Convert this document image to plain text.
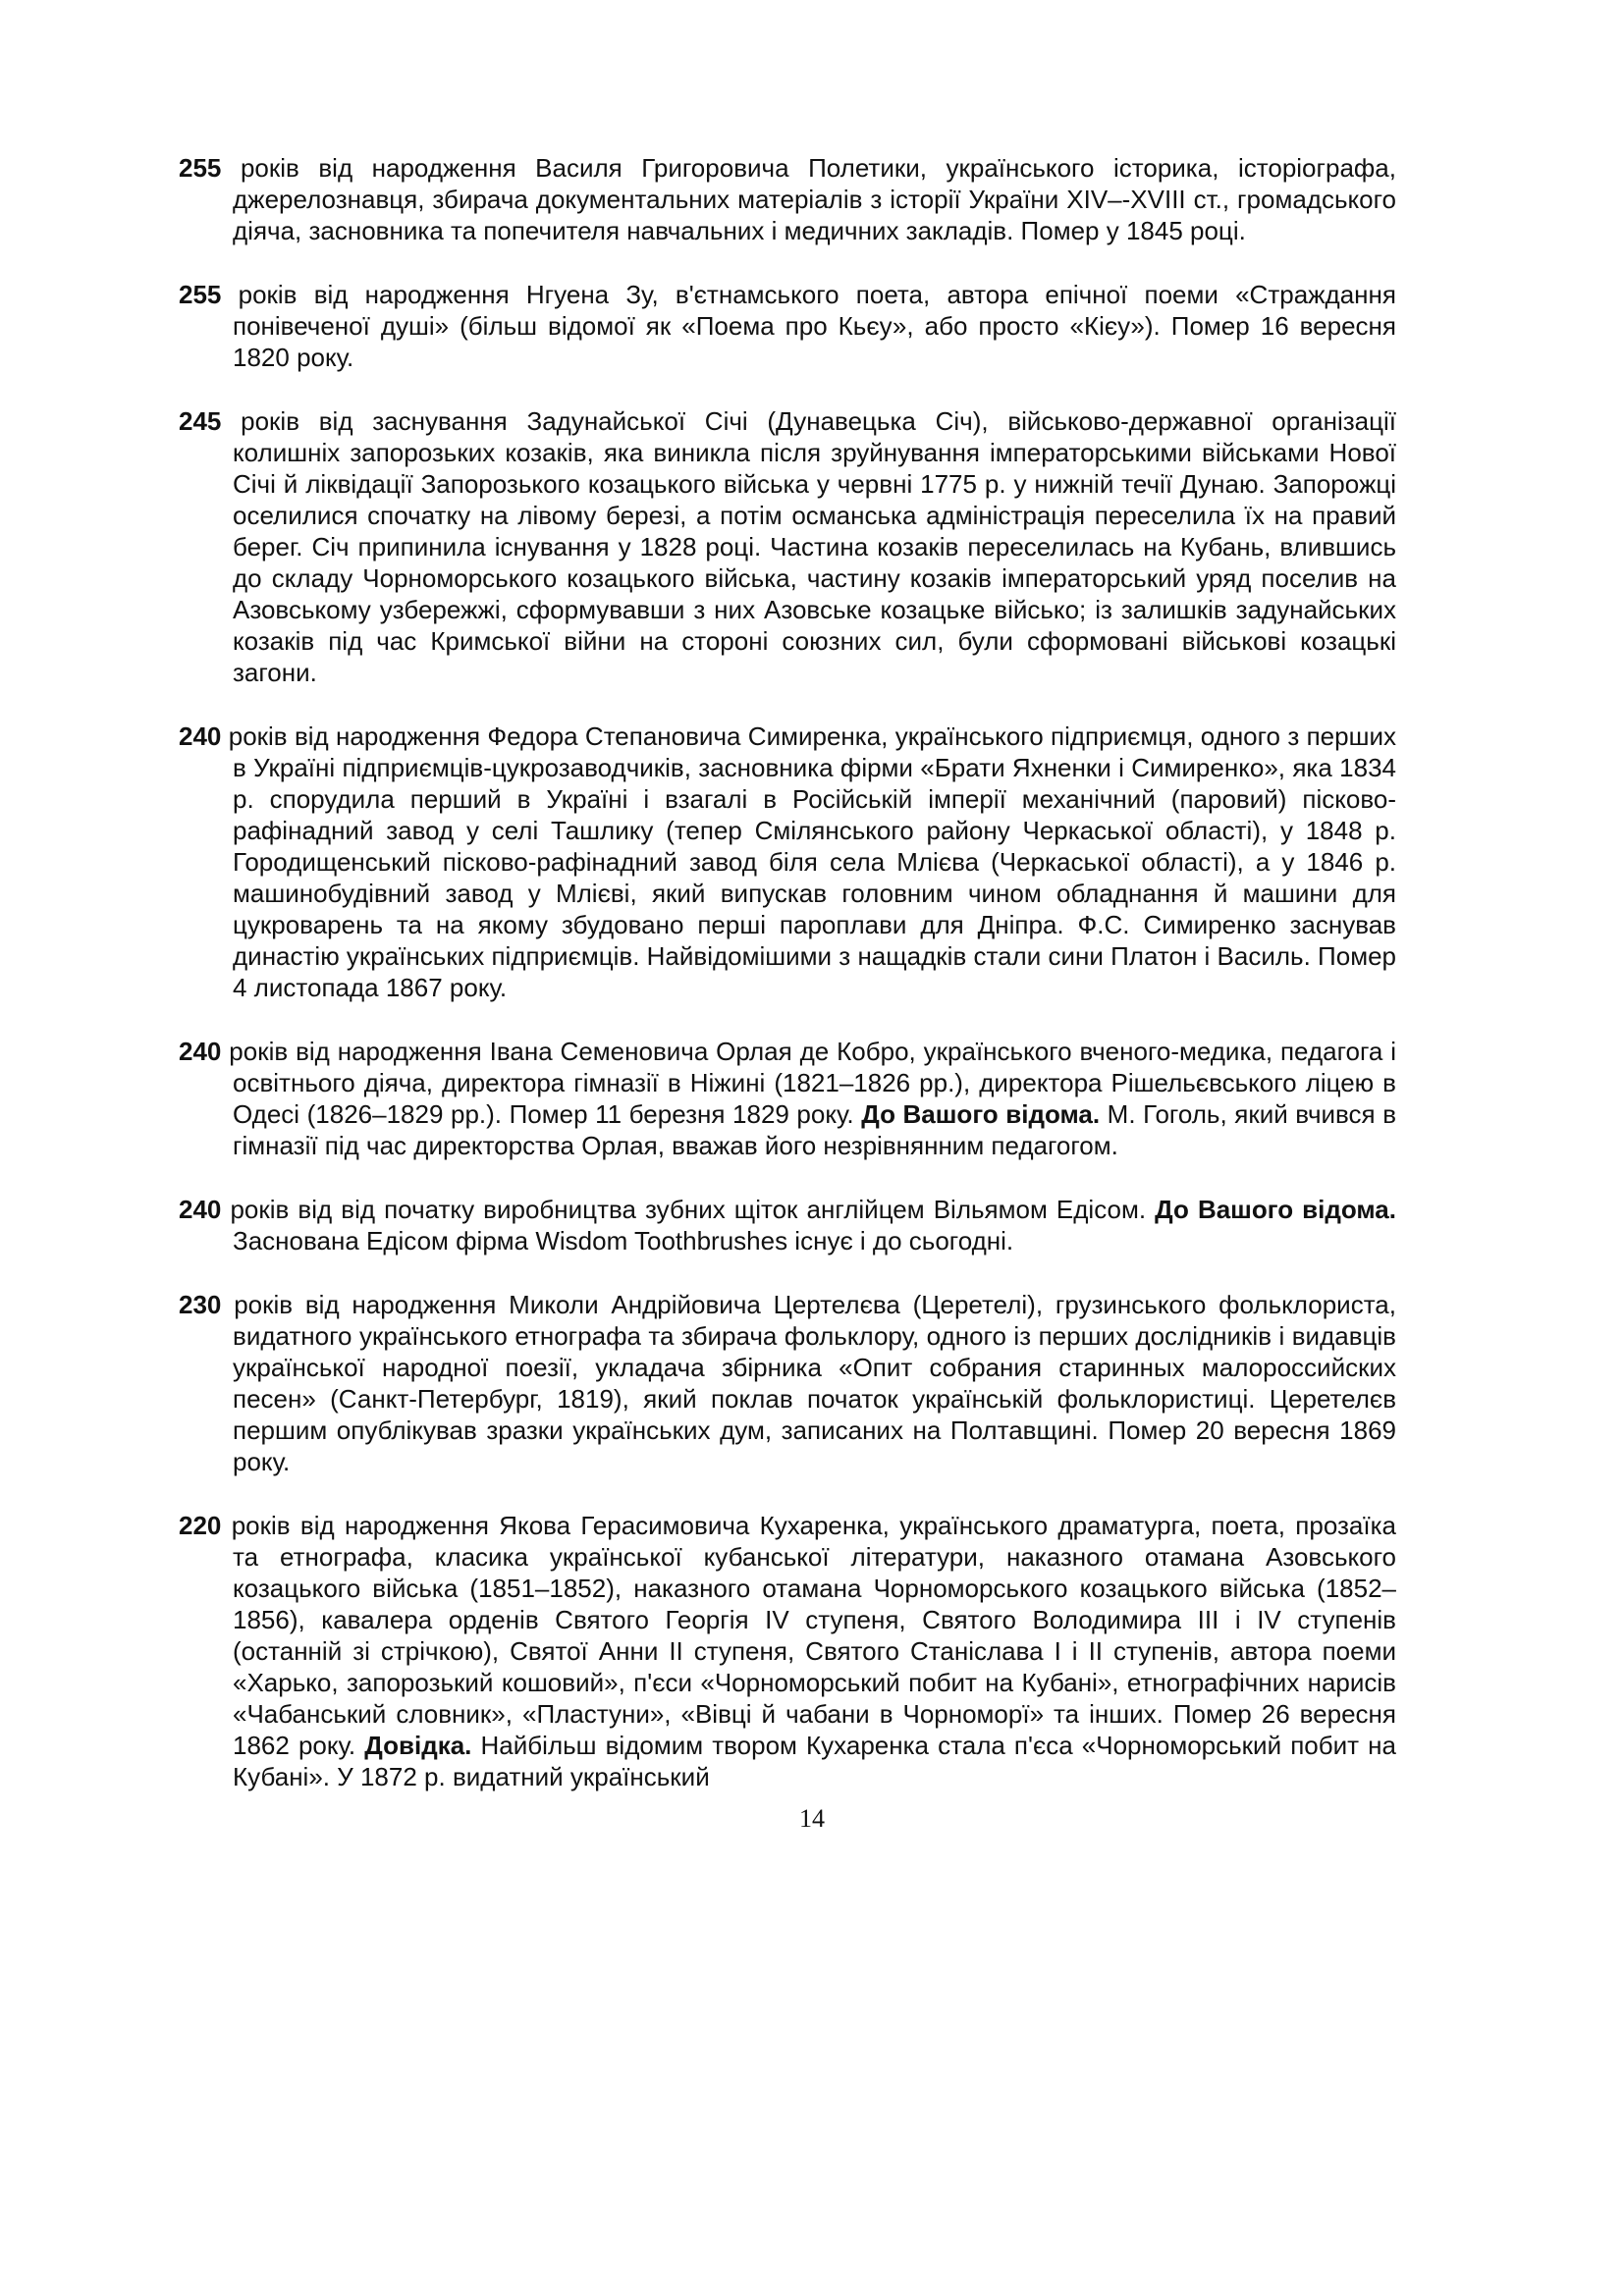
255 років від народження Василя Григоровича Полетики, українського історика, історіографа, джерелознавця, збирача документальних матеріалів з історії України XIV–-XVIII ст., громадського діяча, засновника та попечителя навчальних і медичних закладів. Помер у 1845 році.

255 років від народження Нгуена Зу, в'єтнамського поета, автора епічної поеми «Страждання понівеченої душі» (більш відомої як «Поема про Кьєу», або просто «Кієу»). Помер 16 вересня 1820 року.

245 років від заснування Задунайської Січі (Дунавецька Січ), військово-державної організації колишніх запорозьких козаків, яка виникла після зруйнування імператорськими військами Нової Січі й ліквідації Запорозького козацького війська у червні 1775 р. у нижній течії Дунаю. Запорожці оселилися спочатку на лівому березі, а потім османська адміністрація переселила їх на правий берег. Січ припинила існування у 1828 році. Частина козаків переселилась на Кубань, влившись до складу Чорноморського козацького війська, частину козаків імператорський уряд поселив на Азовському узбережжі, сформувавши з них Азовське козацьке військо; із залишків задунайських козаків під час Кримської війни на стороні союзних сил, були сформовані військові козацькі загони.

240 років від народження Федора Степановича Симиренка, українського підприємця, одного з перших в Україні підприємців-цукрозаводчиків, засновника фірми «Брати Яхненки і Симиренко», яка 1834 р. спорудила перший в Україні і взагалі в Російській імперії механічний (паровий) пісково-рафінадний завод у селі Ташлику (тепер Смілянського району Черкаської області), у 1848 р. Городищенський пісково-рафінадний завод біля села Млієва (Черкаської області), а у 1846 р. машинобудівний завод у Млієві, який випускав головним чином обладнання й машини для цукроварень та на якому збудовано перші пароплави для Дніпра. Ф.С. Симиренко заснував династію українських підприємців. Найвідомішими з нащадків стали сини Платон і Василь. Помер 4 листопада 1867 року.

240 років від народження Івана Семеновича Орлая де Кобро, українського вченого-медика, педагога і освітнього діяча, директора гімназії в Ніжині (1821–1826 рр.), директора Рішельєвського ліцею в Одесі (1826–1829 рр.). Помер 11 березня 1829 року. До Вашого відома. М. Гоголь, який вчився в гімназії під час директорства Орлая, вважав його незрівнянним педагогом.

240 років від від початку виробництва зубних щіток англійцем Вільямом Едісом. До Вашого відома. Заснована Едісом фірма Wisdom Toothbrushes існує і до сьогодні.

230 років від народження Миколи Андрійовича Цертелєва (Церетелі), грузинського фольклориста, видатного українського етнографа та збирача фольклору, одного із перших дослідників і видавців української народної поезії, укладача збірника «Опит собрания старинных малороссийских песен» (Санкт-Петербург, 1819), який поклав початок українській фольклористиці. Церетелєв першим опублікував зразки українських дум, записаних на Полтавщині. Помер 20 вересня 1869 року.

220 років від народження Якова Герасимовича Кухаренка, українського драматурга, поета, прозаїка та етнографа, класика української кубанської літератури, наказного отамана Азовського козацького війська (1851–1852), наказного отамана Чорноморського козацького війська (1852–1856), кавалера орденів Святого Георгія IV ступеня, Святого Володимира III і IV ступенів (останній зі стрічкою), Святої Анни II ступеня, Святого Станіслава I і II ступенів, автора поеми «Харько, запорозький кошовий», п'єси «Чорноморський побит на Кубані», етнографічних нарисів «Чабанський словник», «Пластуни», «Вівці й чабани в Чорноморї» та інших. Помер 26 вересня 1862 року. Довідка. Найбільш відомим твором Кухаренка стала п'єса «Чорноморський побит на Кубані». У 1872 р. видатний український

14
